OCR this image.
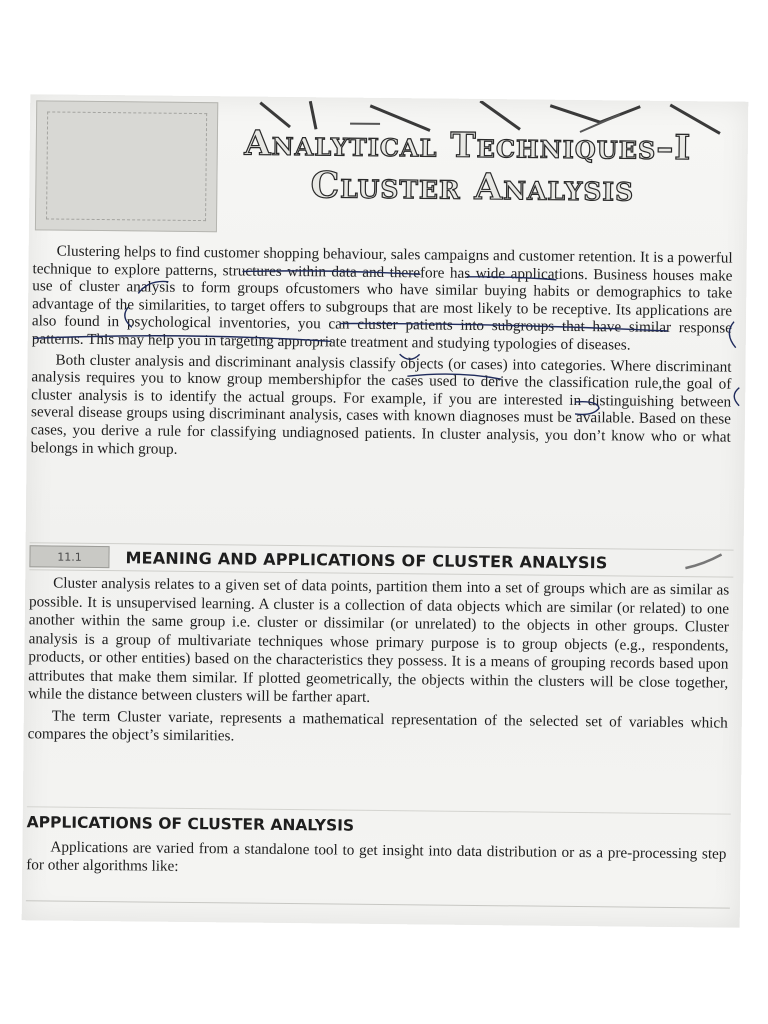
Analytical Techniques–I
Cluster Analysis

Clustering helps to find customer shopping behaviour, sales campaigns and customer retention. It is a powerful technique to explore patterns, structures within data and therefore has wide applications. Business houses make use of cluster analysis to form groups ofcustomers who have similar buying habits or demographics to take advantage of the similarities, to target offers to subgroups that are most likely to be receptive. Its applications are also found in psychological inventories, you can cluster patients into subgroups that have similar response patterns. This may help you in targeting appropriate treatment and studying typologies of diseases.

Both cluster analysis and discriminant analysis classify objects (or cases) into categories. Where discriminant analysis requires you to know group membershipfor the cases used to derive the classification rule,the goal of cluster analysis is to identify the actual groups. For example, if you are interested in distinguishing between several disease groups using discriminant analysis, cases with known diagnoses must be available. Based on these cases, you derive a rule for classifying undiagnosed patients. In cluster analysis, you don’t know who or what belongs in which group.

11.1	MEANING AND APPLICATIONS OF CLUSTER ANALYSIS

Cluster analysis relates to a given set of data points, partition them into a set of groups which are as similar as possible. It is unsupervised learning. A cluster is a collection of data objects which are similar (or related) to one another within the same group i.e. cluster or dissimilar (or unrelated) to the objects in other groups. Cluster analysis is a group of multivariate techniques whose primary purpose is to group objects (e.g., respondents, products, or other entities) based on the characteristics they possess. It is a means of grouping records based upon attributes that make them similar. If plotted geometrically, the objects within the clusters will be close together, while the distance between clusters will be farther apart.

The term Cluster variate, represents a mathematical representation of the selected set of variables which compares the object’s similarities.

APPLICATIONS OF CLUSTER ANALYSIS

Applications are varied from a standalone tool to get insight into data distribution or as a pre-processing step for other algorithms like:
